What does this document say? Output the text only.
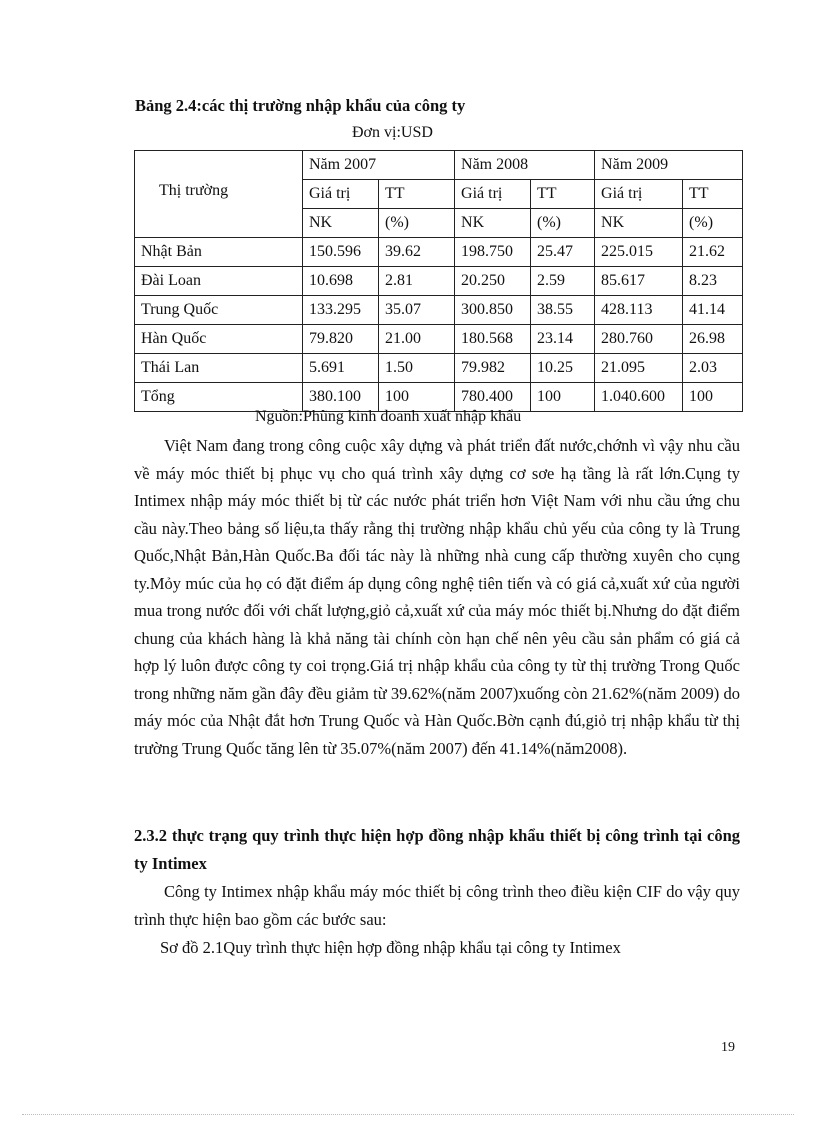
Bảng 2.4:các thị trường nhập khẩu của công ty
Đơn vị:USD
Thị trường	Năm 2007		Năm 2008		Năm 2009	
	Giá trị	TT	Giá trị	TT	Giá trị	TT
	NK	(%)	NK	(%)	NK	(%)
Nhật Bản	150.596	39.62	198.750	25.47	225.015	21.62
Đài Loan	10.698	2.81	20.250	2.59	85.617	8.23
Trung Quốc	133.295	35.07	300.850	38.55	428.113	41.14
Hàn Quốc	79.820	21.00	180.568	23.14	280.760	26.98
Thái Lan	5.691	1.50	79.982	10.25	21.095	2.03
Tổng	380.100	100	780.400	100	1.040.600	100
Nguồn:Phũng kinh doanh xuất nhập khẩu
Việt Nam đang trong công cuộc xây dựng và phát triển đất nước,chớnh vì vậy nhu cầu về máy móc thiết bị phục vụ cho quá trình xây dựng cơ sơe hạ tầng là rất lớn.Cụng ty Intimex nhập máy móc thiết bị từ các nước phát triển hơn Việt Nam với nhu cầu ứng chu cầu này.Theo bảng số liệu,ta thấy rằng thị trường nhập khẩu chủ yếu của công ty là Trung Quốc,Nhật Bản,Hàn Quốc.Ba đối tác này là những nhà cung cấp thường xuyên cho cụng ty.Mỏy múc của họ có đặt điểm áp dụng công nghệ tiên tiến và có giá cả,xuất xứ của người mua trong nước đối với chất lượng,giỏ cả,xuất xứ của máy móc thiết bị.Nhưng do đặt điểm chung của khách hàng là khả năng tài chính còn hạn chế nên yêu cầu sản phẩm có giá cả hợp lý luôn được công ty coi trọng.Giá trị nhập khẩu của công ty từ thị trường Trong Quốc trong những năm gần đây đều giảm từ 39.62%(năm 2007)xuống còn 21.62%(năm 2009) do máy móc của Nhật đắt hơn Trung Quốc và Hàn Quốc.Bờn cạnh đú,giỏ trị nhập khẩu từ thị trường Trung Quốc tăng lên từ 35.07%(năm 2007) đến 41.14%(năm2008).
2.3.2 thực trạng quy trình thực hiện hợp đồng nhập khẩu thiết bị công trình tại công ty Intimex
Công ty Intimex nhập khẩu máy móc thiết bị công trình theo điều kiện CIF do vậy quy trình thực hiện bao gồm các bước sau:
Sơ đồ 2.1Quy trình thực hiện hợp đồng nhập khẩu tại công ty Intimex
19
